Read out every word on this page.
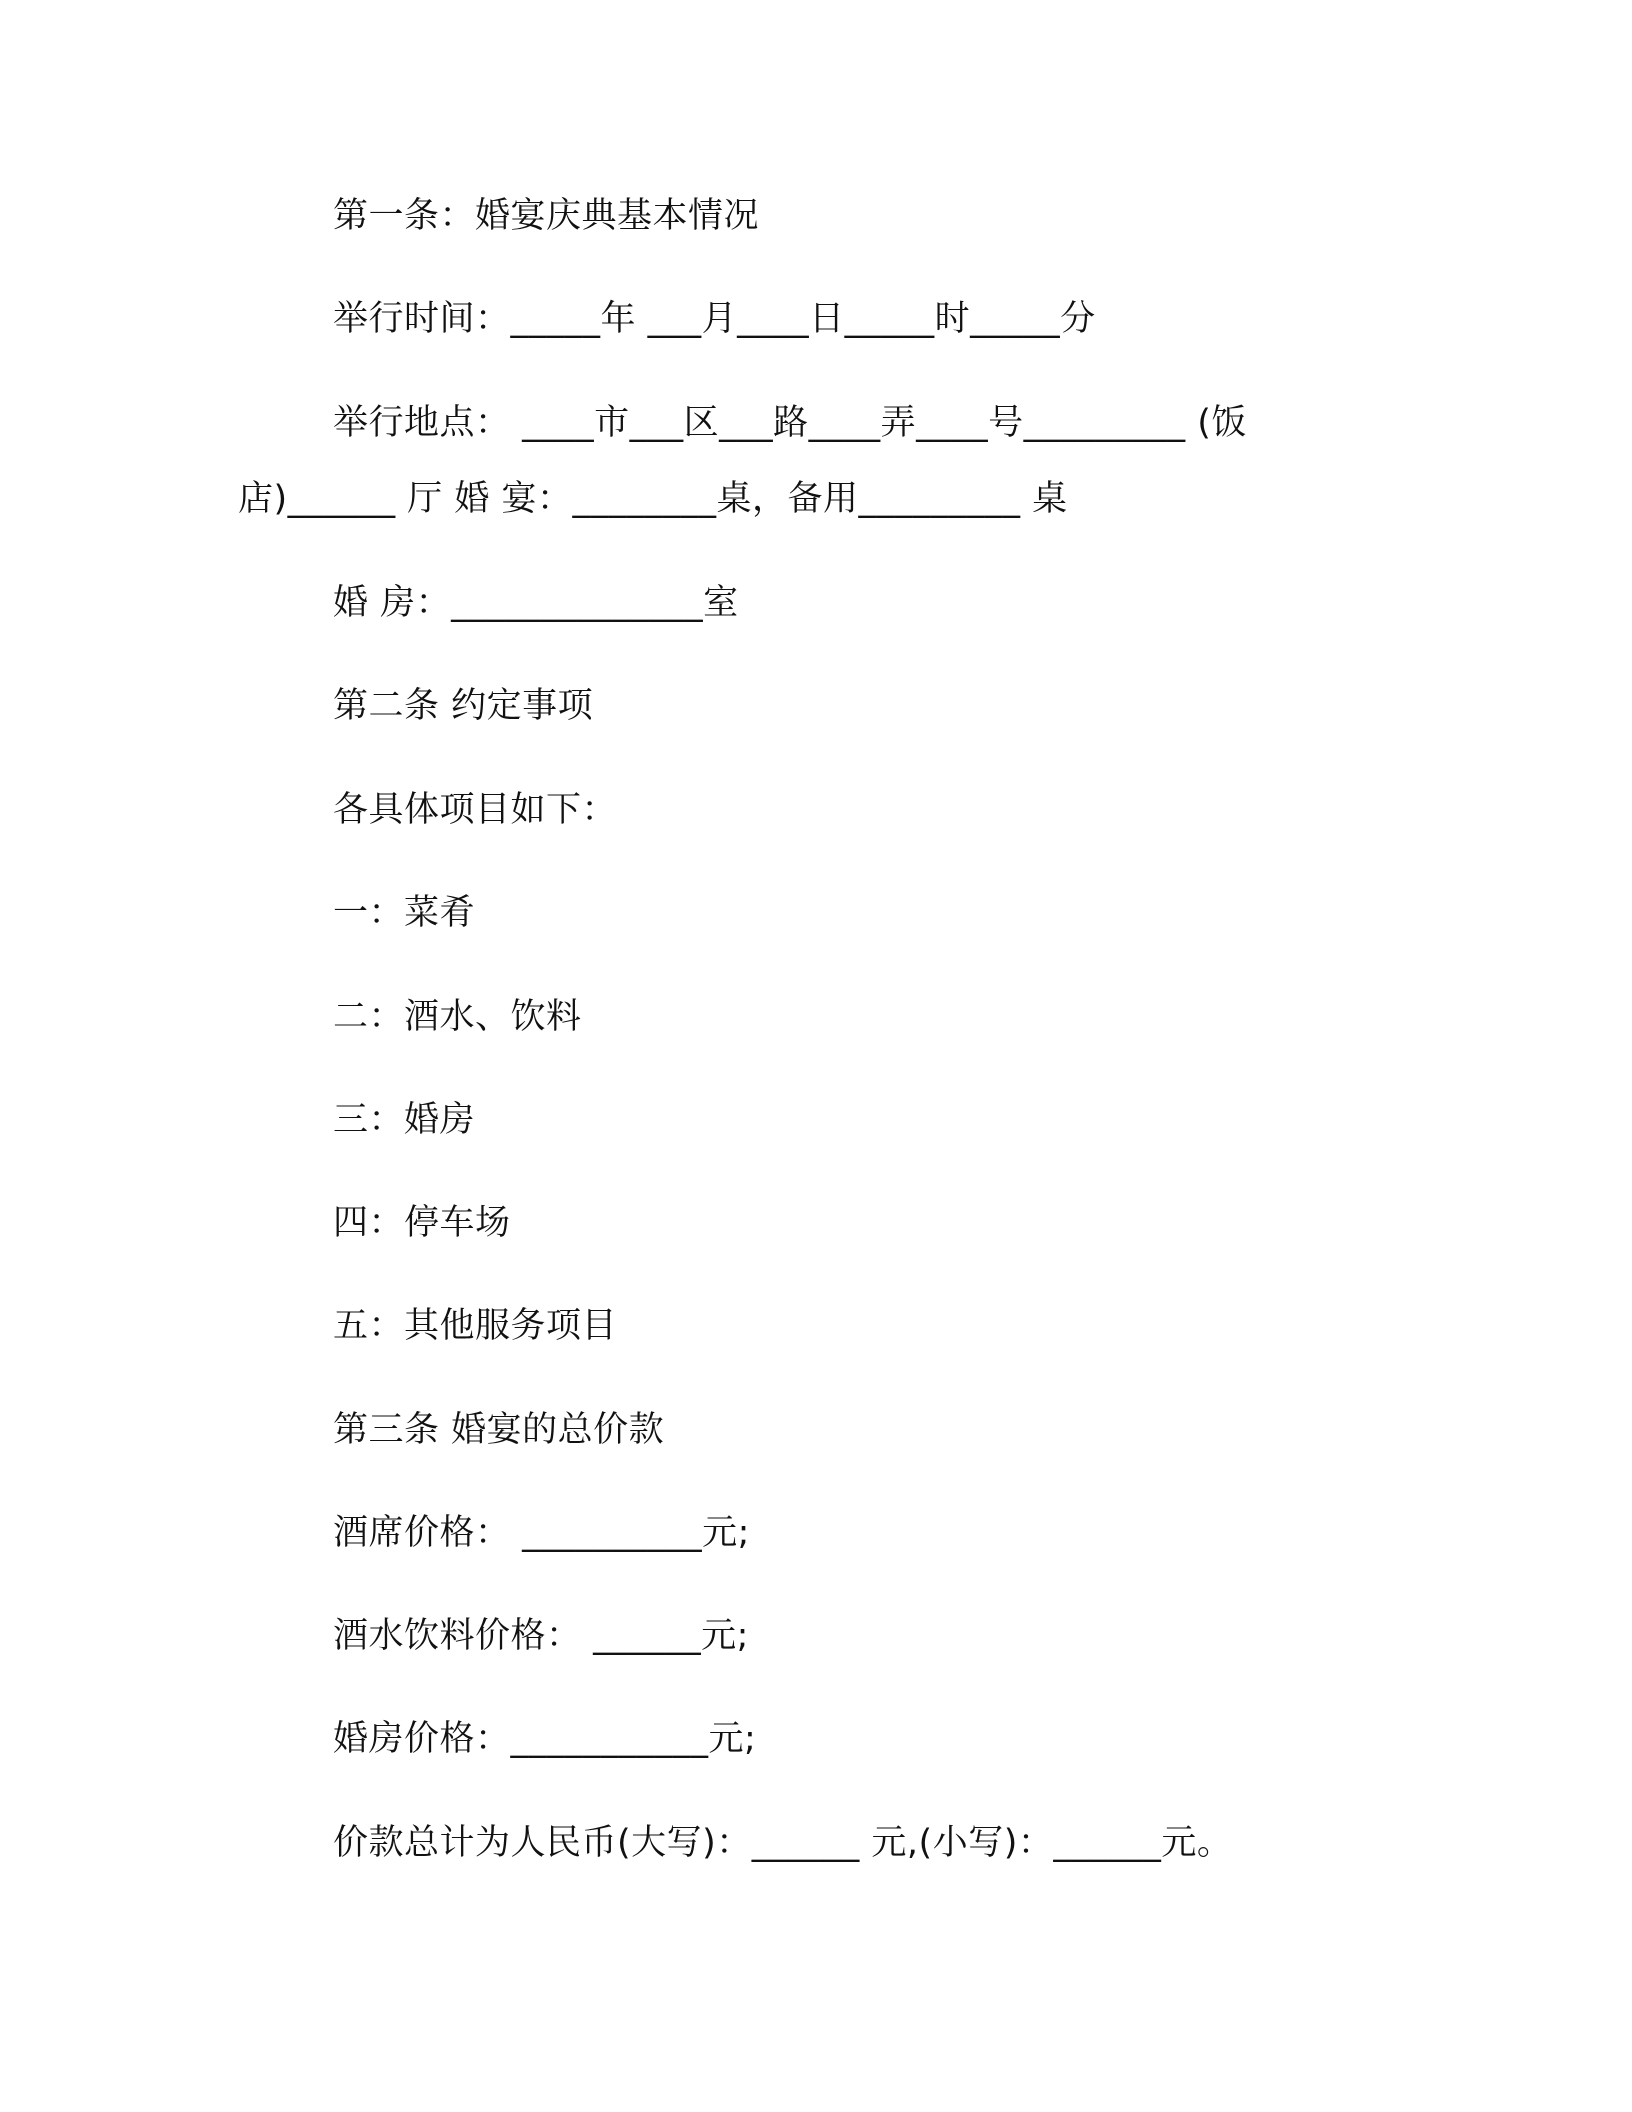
第一条：婚宴庆典基本情况
举行时间：_____年 ___月____日_____时_____分
举行地点： ____市___区___路____弄____号_________ (饭
店)______ 厅 婚 宴：________桌，备用_________ 桌
婚 房：______________室
第二条 约定事项
各具体项目如下：
一：菜肴
二：酒水、饮料
三：婚房
四：停车场
五：其他服务项目
第三条 婚宴的总价款
酒席价格： __________元;
酒水饮料价格： ______元;
婚房价格：___________元;
价款总计为人民币(大写)：______ 元,(小写)：______元。
